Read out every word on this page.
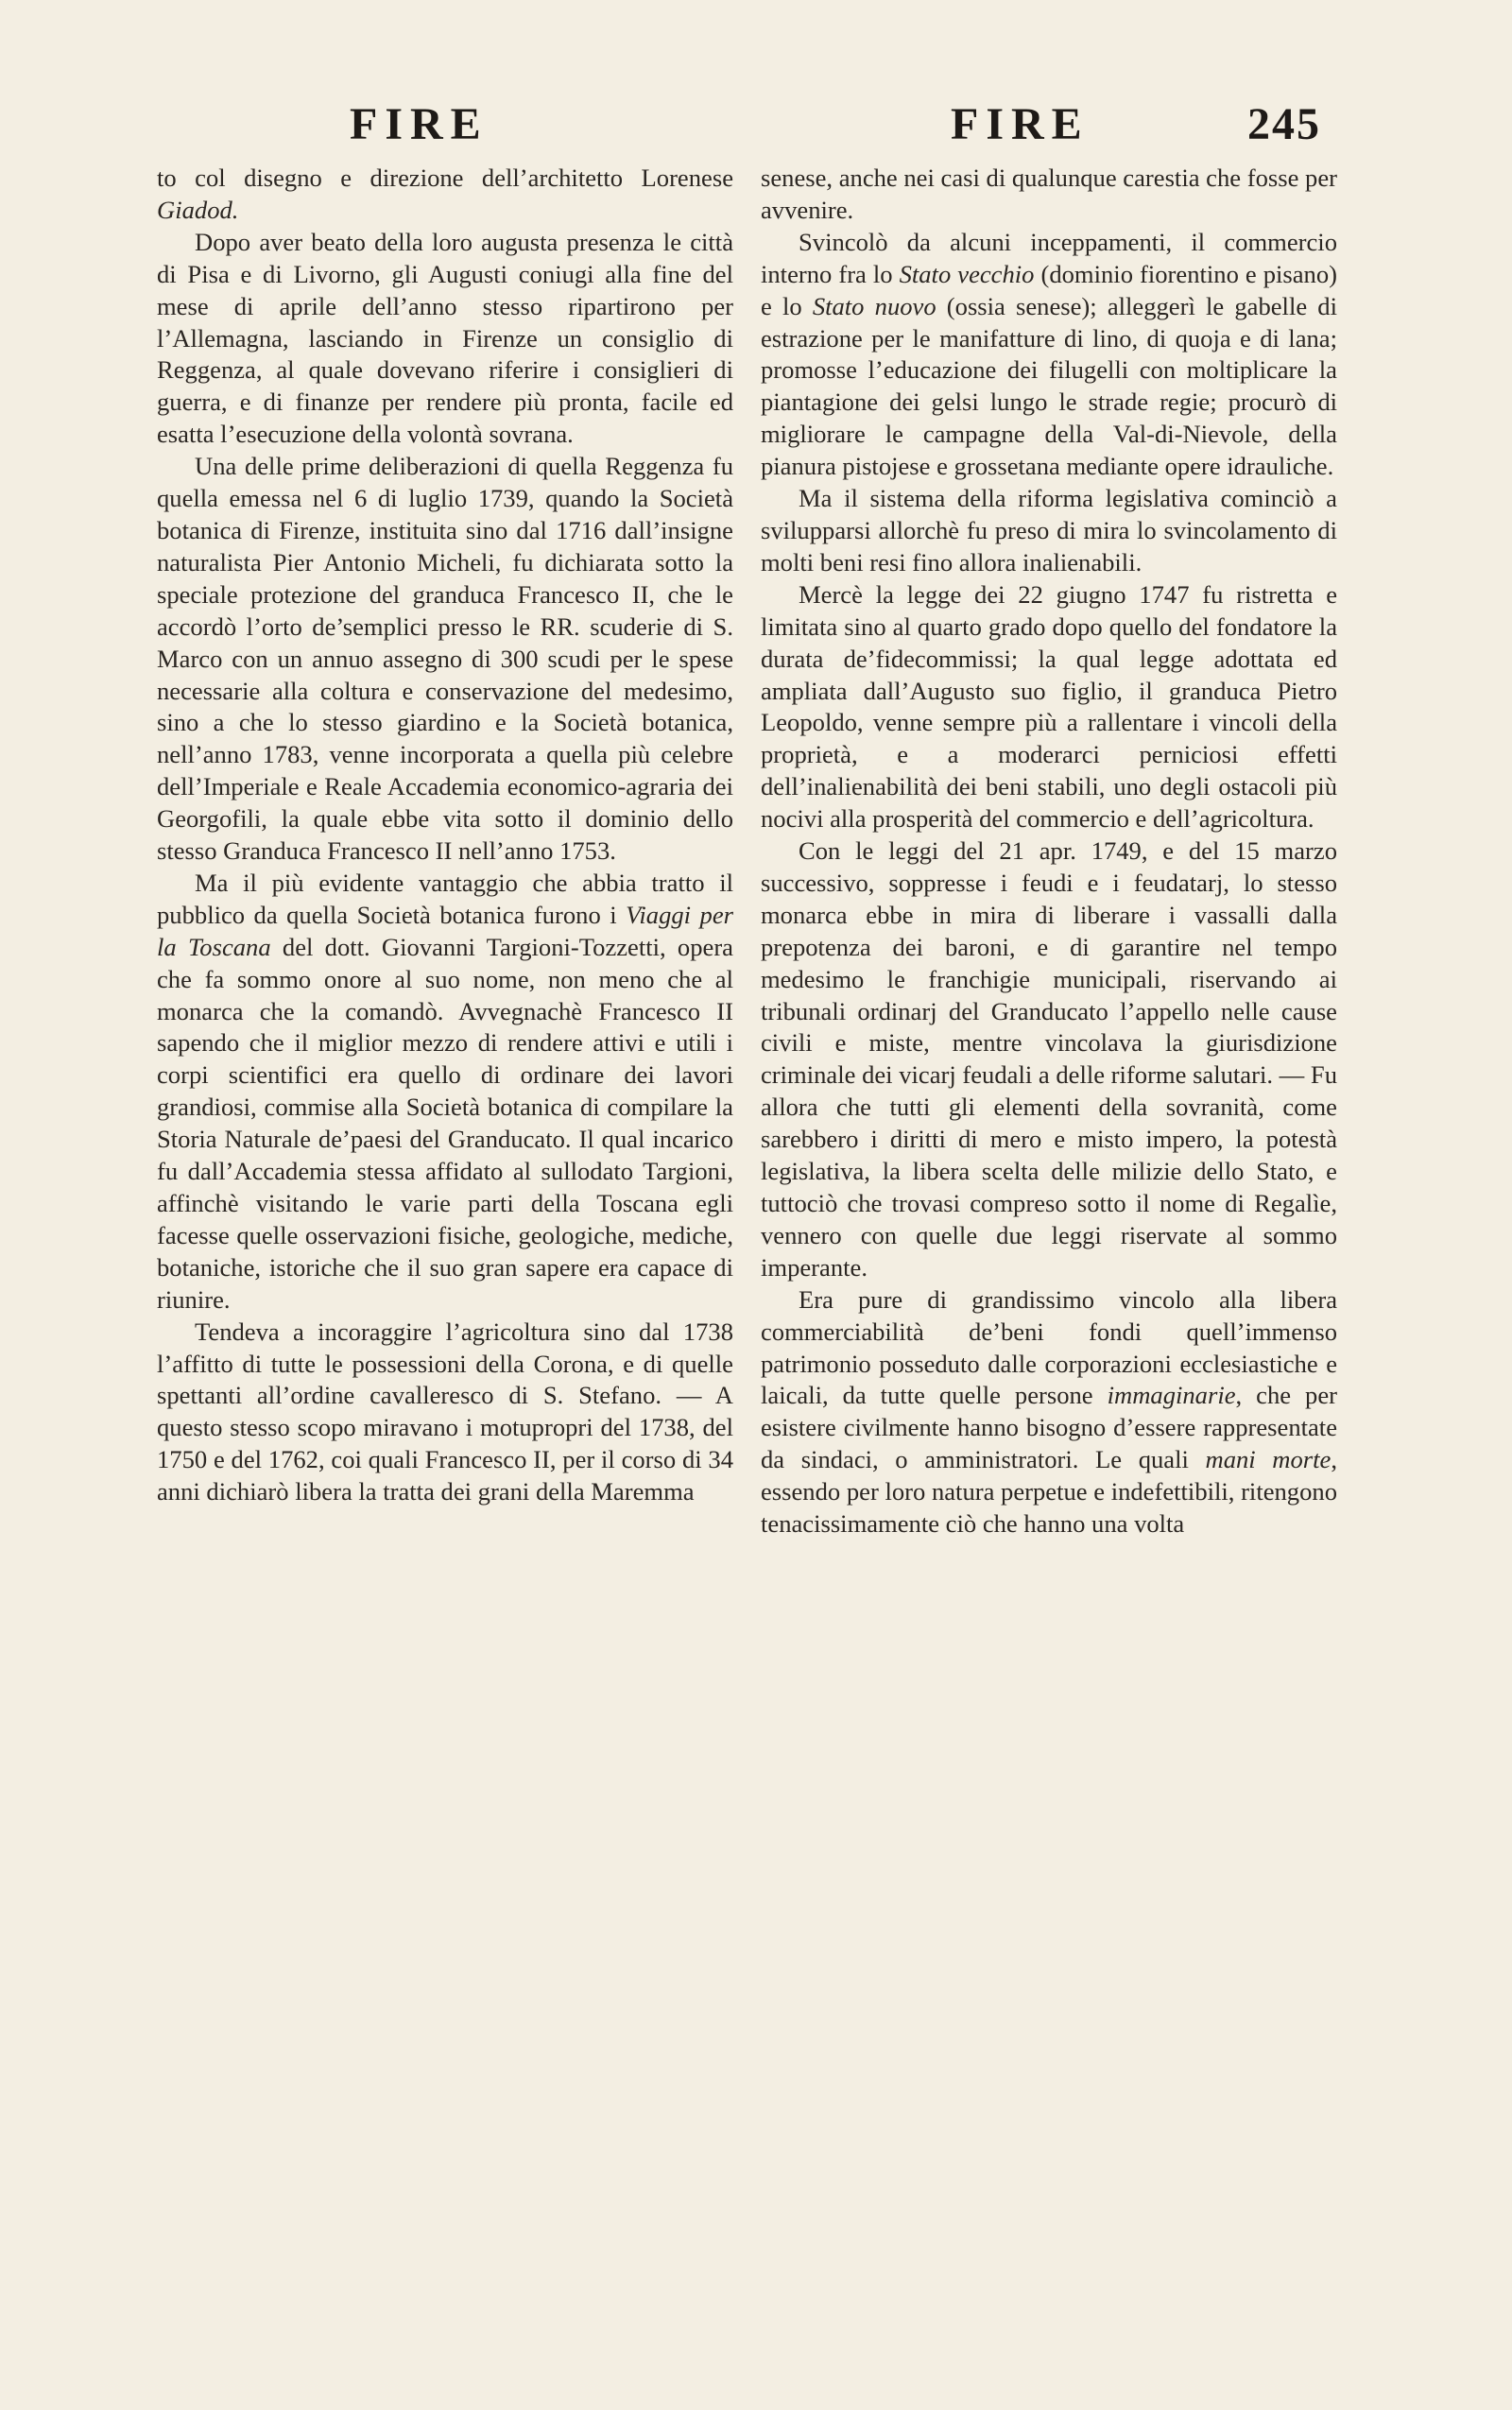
FIRE	FIRE	245

to col disegno e direzione dell’architetto Lorenese Giadod.

Dopo aver beato della loro augusta presenza le città di Pisa e di Livorno, gli Augusti coniugi alla fine del mese di aprile dell’anno stesso ripartirono per l’Allemagna, lasciando in Firenze un consiglio di Reggenza, al quale dovevano riferire i consiglieri di guerra, e di finanze per rendere più pronta, facile ed esatta l’esecuzione della volontà sovrana.

Una delle prime deliberazioni di quella Reggenza fu quella emessa nel 6 di luglio 1739, quando la Società botanica di Firenze, instituita sino dal 1716 dall’insigne naturalista Pier Antonio Micheli, fu dichiarata sotto la speciale protezione del granduca Francesco II, che le accordò l’orto de’semplici presso le RR. scuderie di S. Marco con un annuo assegno di 300 scudi per le spese necessarie alla coltura e conservazione del medesimo, sino a che lo stesso giardino e la Società botanica, nell’anno 1783, venne incorporata a quella più celebre dell’Imperiale e Reale Accademia economico-agraria dei Georgofili, la quale ebbe vita sotto il dominio dello stesso Granduca Francesco II nell’anno 1753.

Ma il più evidente vantaggio che abbia tratto il pubblico da quella Società botanica furono i Viaggi per la Toscana del dott. Giovanni Targioni-Tozzetti, opera che fa sommo onore al suo nome, non meno che al monarca che la comandò. Avvegnachè Francesco II sapendo che il miglior mezzo di rendere attivi e utili i corpi scientifici era quello di ordinare dei lavori grandiosi, commise alla Società botanica di compilare la Storia Naturale de’paesi del Granducato. Il qual incarico fu dall’Accademia stessa affidato al sullodato Targioni, affinchè visitando le varie parti della Toscana egli facesse quelle osservazioni fisiche, geologiche, mediche, botaniche, istoriche che il suo gran sapere era capace di riunire.

Tendeva a incoraggire l’agricoltura sino dal 1738 l’affitto di tutte le possessioni della Corona, e di quelle spettanti all’ordine cavalleresco di S. Stefano. — A questo stesso scopo miravano i motupropri del 1738, del 1750 e del 1762, coi quali Francesco II, per il corso di 34 anni dichiarò libera la tratta dei grani della Maremma

senese, anche nei casi di qualunque carestia che fosse per avvenire.

Svincolò da alcuni inceppamenti, il commercio interno fra lo Stato vecchio (dominio fiorentino e pisano) e lo Stato nuovo (ossia senese); alleggerì le gabelle di estrazione per le manifatture di lino, di quoja e di lana; promosse l’educazione dei filugelli con moltiplicare la piantagione dei gelsi lungo le strade regie; procurò di migliorare le campagne della Val-di-Nievole, della pianura pistojese e grossetana mediante opere idrauliche.

Ma il sistema della riforma legislativa cominciò a svilupparsi allorchè fu preso di mira lo svincolamento di molti beni resi fino allora inalienabili.

Mercè la legge dei 22 giugno 1747 fu ristretta e limitata sino al quarto grado dopo quello del fondatore la durata de’fidecommissi; la qual legge adottata ed ampliata dall’Augusto suo figlio, il granduca Pietro Leopoldo, venne sempre più a rallentare i vincoli della proprietà, e a moderarci perniciosi effetti dell’inalienabilità dei beni stabili, uno degli ostacoli più nocivi alla prosperità del commercio e dell’agricoltura.

Con le leggi del 21 apr. 1749, e del 15 marzo successivo, soppresse i feudi e i feudatarj, lo stesso monarca ebbe in mira di liberare i vassalli dalla prepotenza dei baroni, e di garantire nel tempo medesimo le franchigie municipali, riservando ai tribunali ordinarj del Granducato l’appello nelle cause civili e miste, mentre vincolava la giurisdizione criminale dei vicarj feudali a delle riforme salutari. — Fu allora che tutti gli elementi della sovranità, come sarebbero i diritti di mero e misto impero, la potestà legislativa, la libera scelta delle milizie dello Stato, e tuttociò che trovasi compreso sotto il nome di Regalìe, vennero con quelle due leggi riservate al sommo imperante.

Era pure di grandissimo vincolo alla libera commerciabilità de’beni fondi quell’immenso patrimonio posseduto dalle corporazioni ecclesiastiche e laicali, da tutte quelle persone immaginarie, che per esistere civilmente hanno bisogno d’essere rappresentate da sindaci, o amministratori. Le quali mani morte, essendo per loro natura perpetue e indefettibili, ritengono tenacissimamente ciò che hanno una volta
